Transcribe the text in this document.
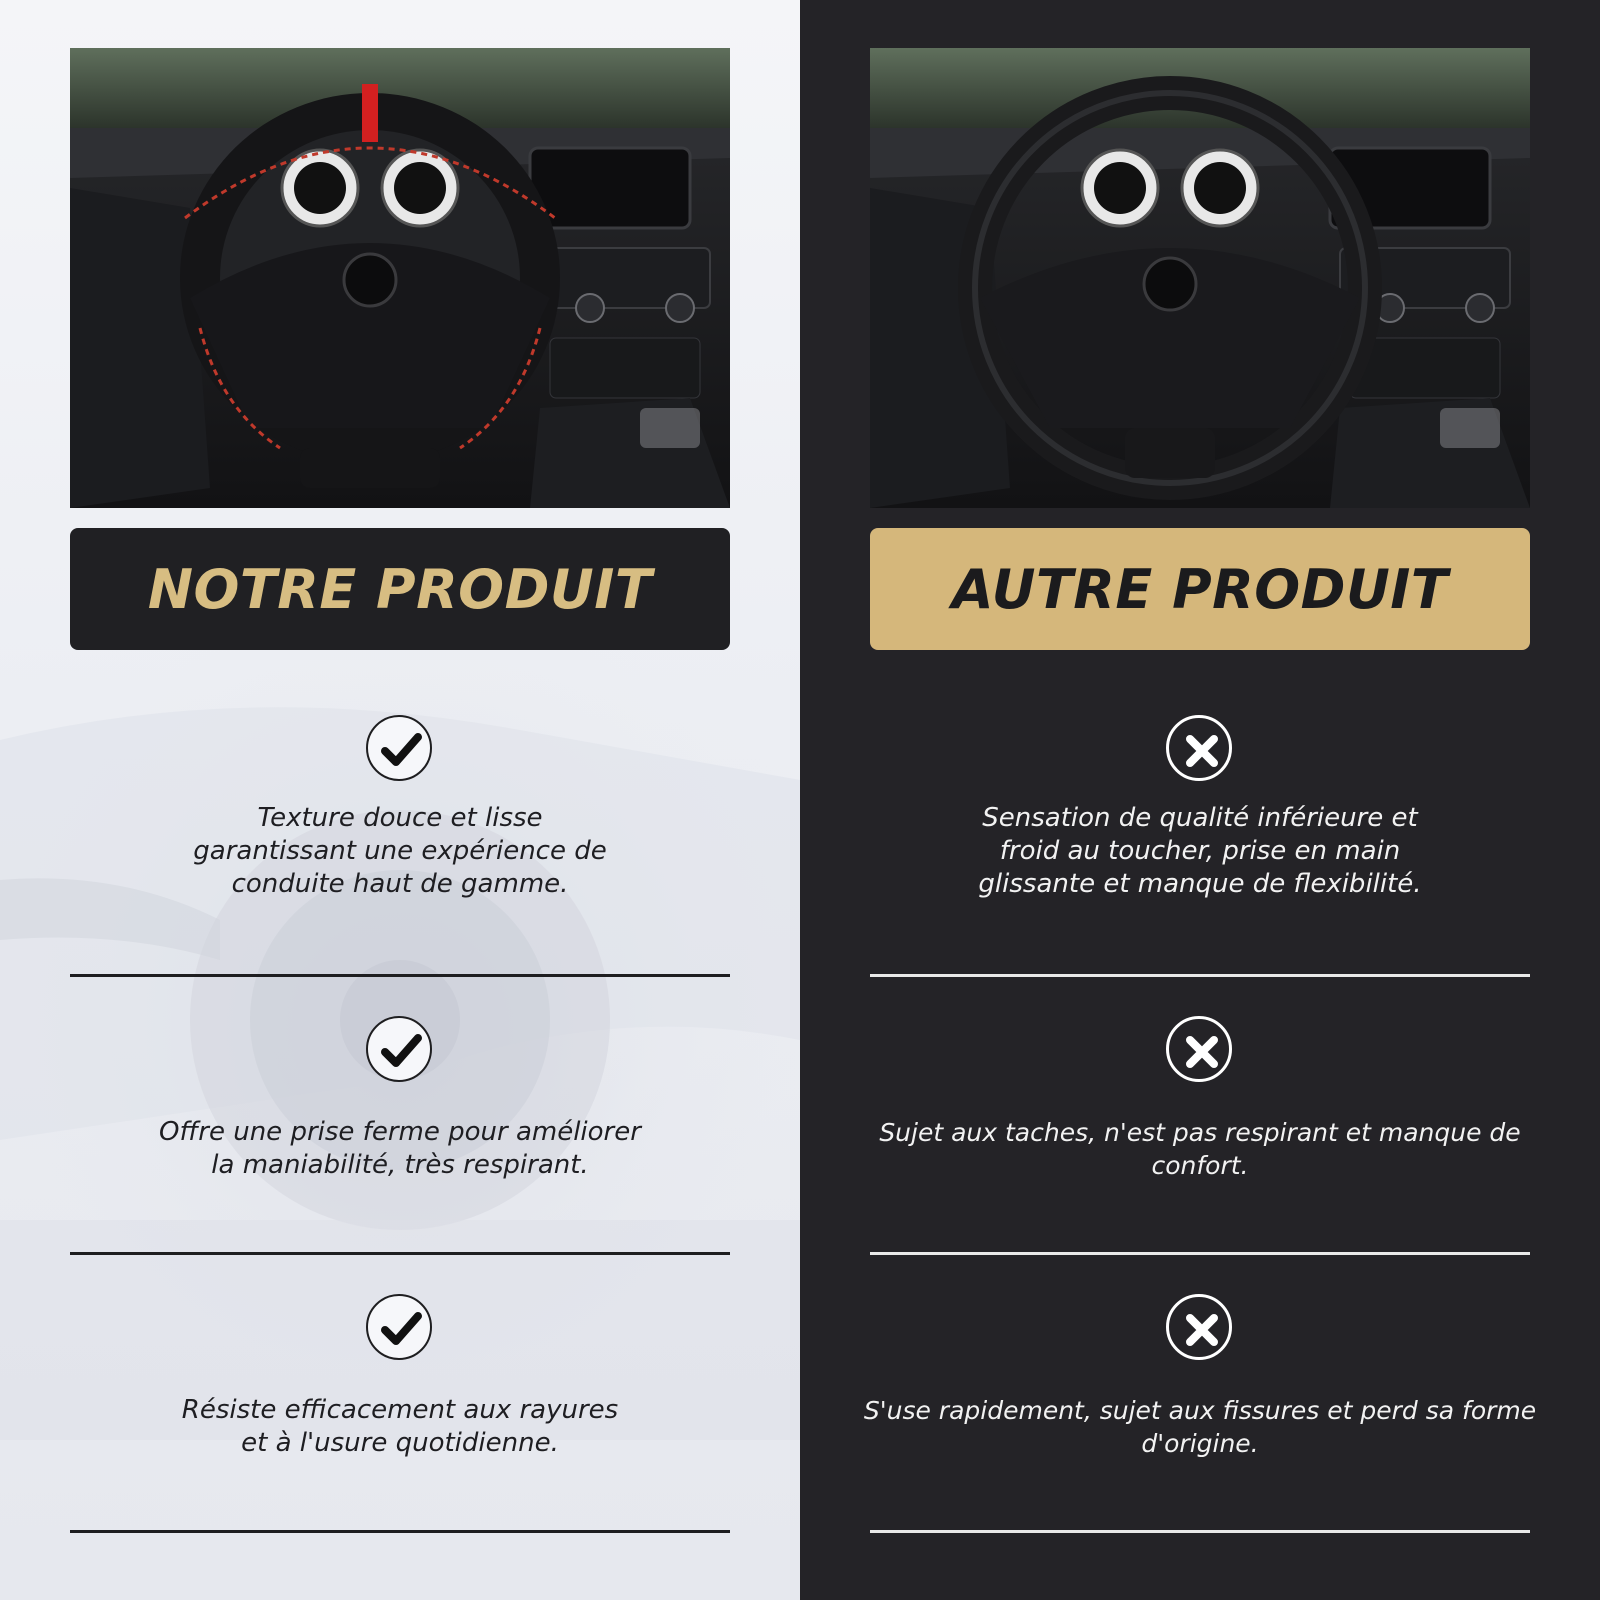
NOTRE PRODUIT
Texture douce et lisse
garantissant une expérience de
conduite haut de gamme.
Offre une prise ferme pour améliorer
la maniabilité, très respirant.
Résiste efficacement aux rayures
et à l'usure quotidienne.
AUTRE PRODUIT
Sensation de qualité inférieure et
froid au toucher, prise en main
glissante et manque de flexibilité.
Sujet aux taches, n'est pas respirant et manque de
confort.
S'use rapidement, sujet aux fissures et perd sa forme
d'origine.
